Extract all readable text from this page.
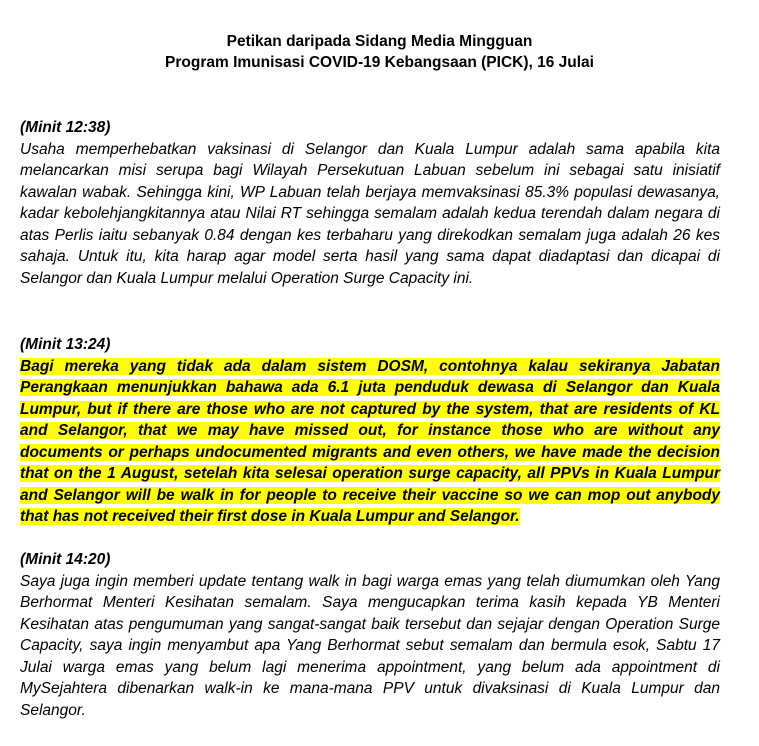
Petikan daripada Sidang Media Mingguan
Program Imunisasi COVID-19 Kebangsaan (PICK), 16 Julai
(Minit 12:38)
Usaha memperhebatkan vaksinasi di Selangor dan Kuala Lumpur adalah sama apabila kita melancarkan misi serupa bagi Wilayah Persekutuan Labuan sebelum ini sebagai satu inisiatif kawalan wabak. Sehingga kini, WP Labuan telah berjaya memvaksinasi 85.3% populasi dewasanya, kadar kebolehjangkitannya atau Nilai RT sehingga semalam adalah kedua terendah dalam negara di atas Perlis iaitu sebanyak 0.84 dengan kes terbaharu yang direkodkan semalam juga adalah 26 kes sahaja. Untuk itu, kita harap agar model serta hasil yang sama dapat diadaptasi dan dicapai di Selangor dan Kuala Lumpur melalui Operation Surge Capacity ini.
(Minit 13:24)
Bagi mereka yang tidak ada dalam sistem DOSM, contohnya kalau sekiranya Jabatan Perangkaan menunjukkan bahawa ada 6.1 juta penduduk dewasa di Selangor dan Kuala Lumpur, but if there are those who are not captured by the system, that are residents of KL and Selangor, that we may have missed out, for instance those who are without any documents or perhaps undocumented migrants and even others, we have made the decision that on the 1 August, setelah kita selesai operation surge capacity, all PPVs in Kuala Lumpur and Selangor will be walk in for people to receive their vaccine so we can mop out anybody that has not received their first dose in Kuala Lumpur and Selangor.
(Minit 14:20)
Saya juga ingin memberi update tentang walk in bagi warga emas yang telah diumumkan oleh Yang Berhormat Menteri Kesihatan semalam. Saya mengucapkan terima kasih kepada YB Menteri Kesihatan atas pengumuman yang sangat-sangat baik tersebut dan sejajar dengan Operation Surge Capacity, saya ingin menyambut apa Yang Berhormat sebut semalam dan bermula esok, Sabtu 17 Julai warga emas yang belum lagi menerima appointment, yang belum ada appointment di MySejahtera dibenarkan walk-in ke mana-mana PPV untuk divaksinasi di Kuala Lumpur dan Selangor.
